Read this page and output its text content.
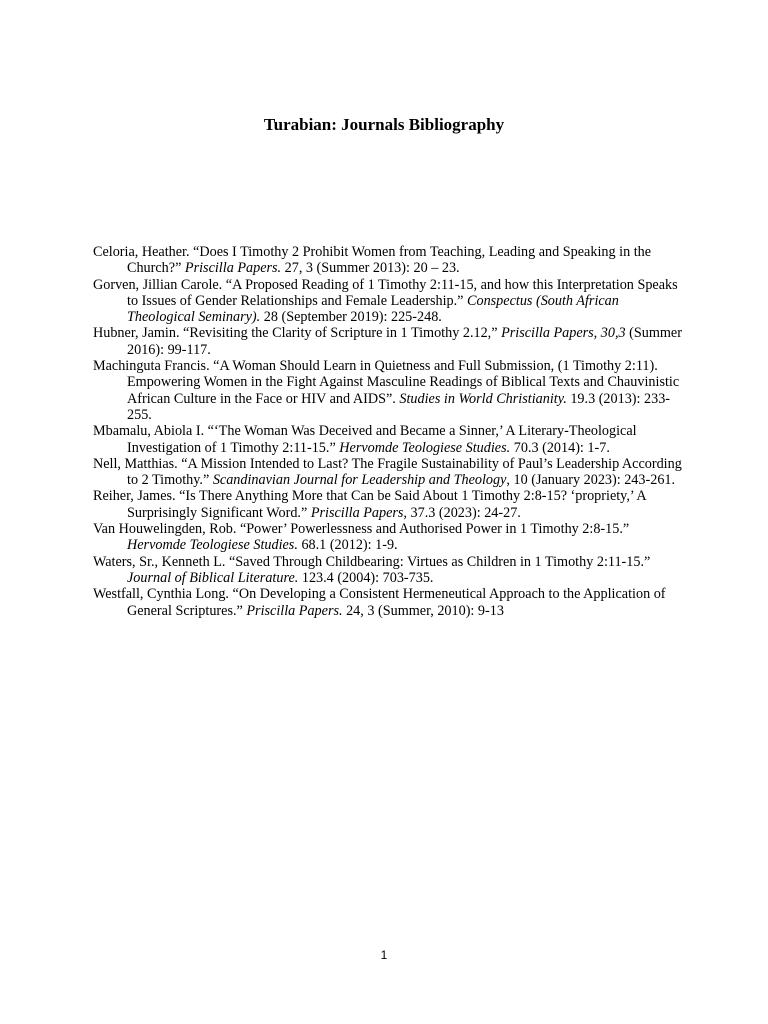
Turabian: Journals Bibliography

Celoria, Heather. “Does I Timothy 2 Prohibit Women from Teaching, Leading and Speaking in the Church?” Priscilla Papers. 27, 3 (Summer 2013): 20 – 23.

Gorven, Jillian Carole. “A Proposed Reading of 1 Timothy 2:11-15, and how this Interpretation Speaks to Issues of Gender Relationships and Female Leadership.” Conspectus (South African Theological Seminary). 28 (September 2019): 225-248.

Hubner, Jamin. “Revisiting the Clarity of Scripture in 1 Timothy 2.12,” Priscilla Papers, 30,3 (Summer 2016): 99-117.

Machinguta Francis. “A Woman Should Learn in Quietness and Full Submission, (1 Timothy 2:11). Empowering Women in the Fight Against Masculine Readings of Biblical Texts and Chauvinistic African Culture in the Face or HIV and AIDS”. Studies in World Christianity. 19.3 (2013): 233-255.

Mbamalu, Abiola I. “‘The Woman Was Deceived and Became a Sinner,’ A Literary-Theological Investigation of 1 Timothy 2:11-15.” Hervomde Teologiese Studies. 70.3 (2014): 1-7.

Nell, Matthias. “A Mission Intended to Last? The Fragile Sustainability of Paul’s Leadership According to 2 Timothy.” Scandinavian Journal for Leadership and Theology, 10 (January 2023): 243-261.

Reiher, James. “Is There Anything More that Can be Said About 1 Timothy 2:8-15? ‘propriety,’ A Surprisingly Significant Word.” Priscilla Papers, 37.3 (2023): 24-27.

Van Houwelingden, Rob. “Power’ Powerlessness and Authorised Power in 1 Timothy 2:8-15.” Hervomde Teologiese Studies. 68.1 (2012): 1-9.

Waters, Sr., Kenneth L. “Saved Through Childbearing: Virtues as Children in 1 Timothy 2:11-15.” Journal of Biblical Literature. 123.4 (2004): 703-735.

Westfall, Cynthia Long. “On Developing a Consistent Hermeneutical Approach to the Application of General Scriptures.” Priscilla Papers. 24, 3 (Summer, 2010): 9-13

1
